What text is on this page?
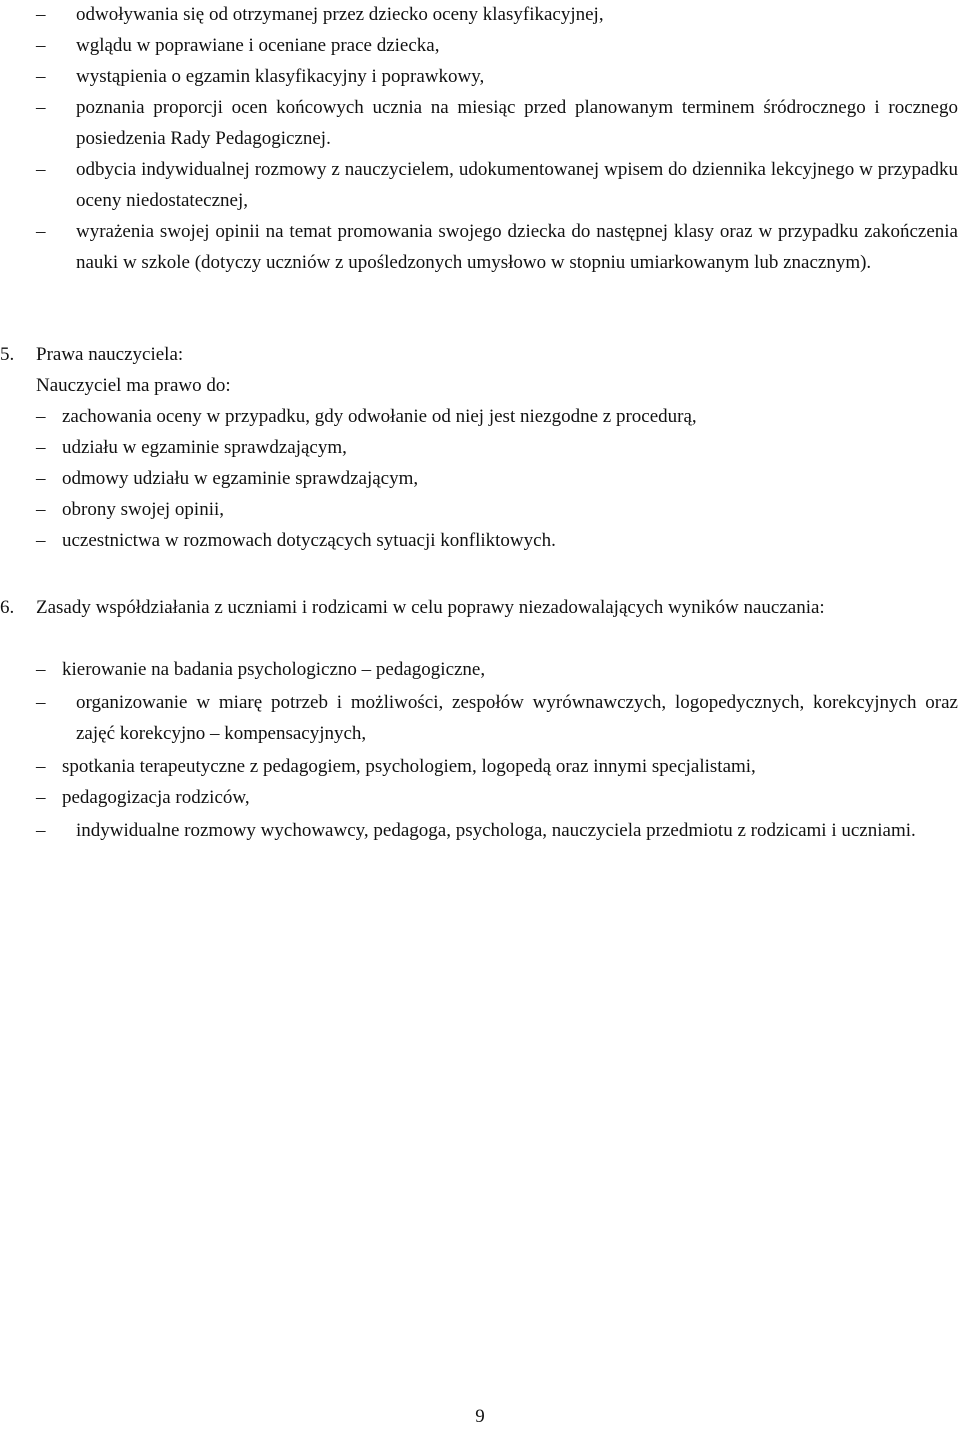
– odwoływania się od otrzymanej przez dziecko oceny klasyfikacyjnej,
– wglądu w poprawiane i oceniane prace dziecka,
– wystąpienia o egzamin klasyfikacyjny i poprawkowy,
– poznania proporcji ocen końcowych ucznia na miesiąc przed planowanym terminem śródrocznego i rocznego posiedzenia Rady Pedagogicznej.
– odbycia indywidualnej rozmowy z nauczycielem, udokumentowanej wpisem do dziennika lekcyjnego w przypadku oceny niedostatecznej,
– wyrażenia swojej opinii na temat promowania swojego dziecka do następnej klasy oraz w przypadku zakończenia nauki w szkole (dotyczy uczniów z upośledzonych umysłowo w stopniu umiarkowanym lub znacznym).
5. Prawa nauczyciela:
Nauczyciel ma prawo do:
– zachowania oceny w przypadku, gdy odwołanie od niej jest niezgodne z procedurą,
– udziału w egzaminie sprawdzającym,
– odmowy udziału w egzaminie sprawdzającym,
– obrony swojej opinii,
– uczestnictwa w rozmowach dotyczących sytuacji konfliktowych.
6. Zasady współdziałania z uczniami i rodzicami w celu poprawy niezadowalających wyników nauczania:
– kierowanie na badania psychologiczno – pedagogiczne,
– organizowanie w miarę potrzeb i możliwości, zespołów wyrównawczych, logopedycznych, korekcyjnych oraz zajęć korekcyjno – kompensacyjnych,
– spotkania terapeutyczne z pedagogiem, psychologiem, logopedą oraz innymi specjalistami,
– pedagogizacja rodziców,
– indywidualne rozmowy wychowawcy, pedagoga, psychologa, nauczyciela przedmiotu z rodzicami i uczniami.
9
